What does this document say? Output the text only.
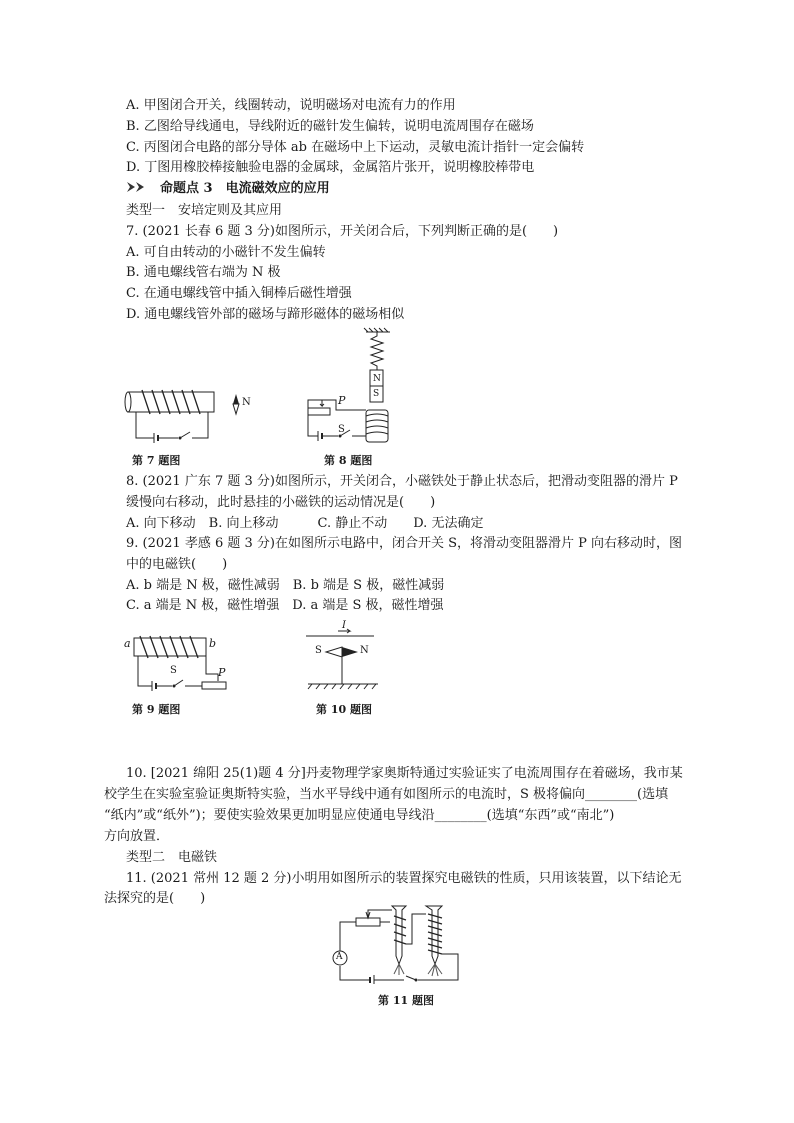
A. 甲图闭合开关，线圈转动，说明磁场对电流有力的作用
B. 乙图给导线通电，导线附近的磁针发生偏转，说明电流周围存在磁场
C. 丙图闭合电路的部分导体 ab 在磁场中上下运动，灵敏电流计指针一定会偏转
D. 丁图用橡胶棒接触验电器的金属球，金属箔片张开，说明橡胶棒带电
命题点 3　电流磁效应的应用
类型一　安培定则及其应用
7. (2021 长春 6 题 3 分)如图所示，开关闭合后，下列判断正确的是(　　)
A. 可自由转动的小磁针不发生偏转
B. 通电螺线管右端为 N 极
C. 在通电螺线管中插入铜棒后磁性增强
D. 通电螺线管外部的磁场与蹄形磁体的磁场相似
N
第 7 题图
N
S
P
S
第 8 题图
8. (2021 广东 7 题 3 分)如图所示，开关闭合，小磁铁处于静止状态后，把滑动变阻器的滑片 P
缓慢向右移动，此时悬挂的小磁铁的运动情况是(　　)
A. 向下移动　B. 向上移动　　　C. 静止不动　　D. 无法确定
9. (2021 孝感 6 题 3 分)在如图所示电路中，闭合开关 S，将滑动变阻器滑片 P 向右移动时，图
中的电磁铁(　　)
A. b 端是 N 极，磁性减弱　B. b 端是 S 极，磁性减弱
C. a 端是 N 极，磁性增强　D. a 端是 S 极，磁性增强
a	b
S	P
第 9 题图
I
S	N
第 10 题图
10. [2021 绵阳 25(1)题 4 分]丹麦物理学家奥斯特通过实验证实了电流周围存在着磁场，我市某
校学生在实验室验证奥斯特实验，当水平导线中通有如图所示的电流时，S 极将偏向________(选填
“纸内”或“纸外”)；要使实验效果更加明显应使通电导线沿________(选填“东西”或“南北”)
方向放置．
类型二　电磁铁
11. (2021 常州 12 题 2 分)小明用如图所示的装置探究电磁铁的性质，只用该装置，以下结论无
法探究的是(　　)
A
第 11 题图
